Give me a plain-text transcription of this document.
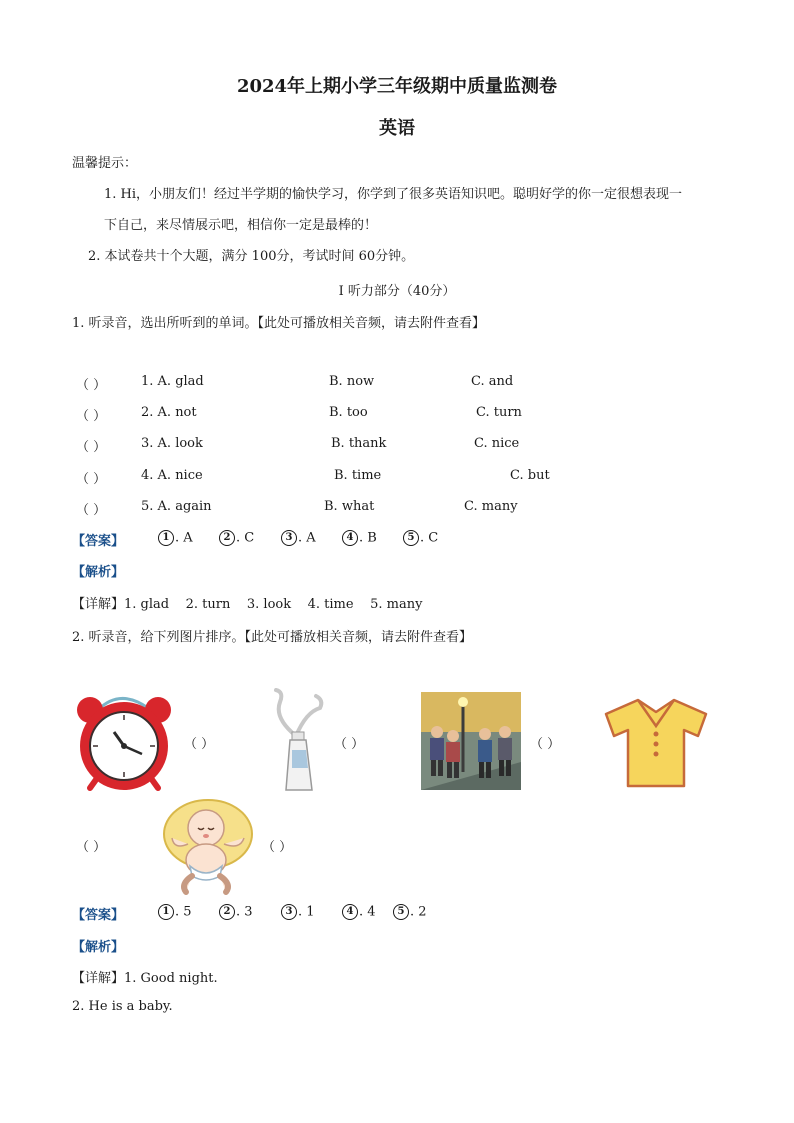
2024年上期小学三年级期中质量监测卷
英语
温馨提示：
1. Hi，小朋友们！经过半学期的愉快学习，你学到了很多英语知识吧。聪明好学的你一定很想表现一
下自己，来尽情展示吧，相信你一定是最棒的！
2. 本试卷共十个大题，满分 100分，考试时间 60分钟。
I 听力部分（40分）
1. 听录音，选出所听到的单词。【此处可播放相关音频，请去附件查看】
（ ）	1. A. glad	B. now	C. and
（ ）	2. A. not	B. too	C. turn
（ ）	3. A. look	B. thank	C. nice
（ ）	4. A. nice	B. time	C. but
（ ）	5. A. again	B. what	C. many
【答案】	1 . A	2 . C	3 . A	4 . B	5 . C
【解析】
【详解】1. glad    2. turn    3. look    4. time    5. many
2. 听录音，给下列图片排序。【此处可播放相关音频，请去附件查看】
（ ）	（ ）	（ ）
（ ）	（ ）
【答案】	1 . 5	2 . 3	3 . 1	4 . 4	5 . 2
【解析】
【详解】1. Good night.
2. He is a baby.
